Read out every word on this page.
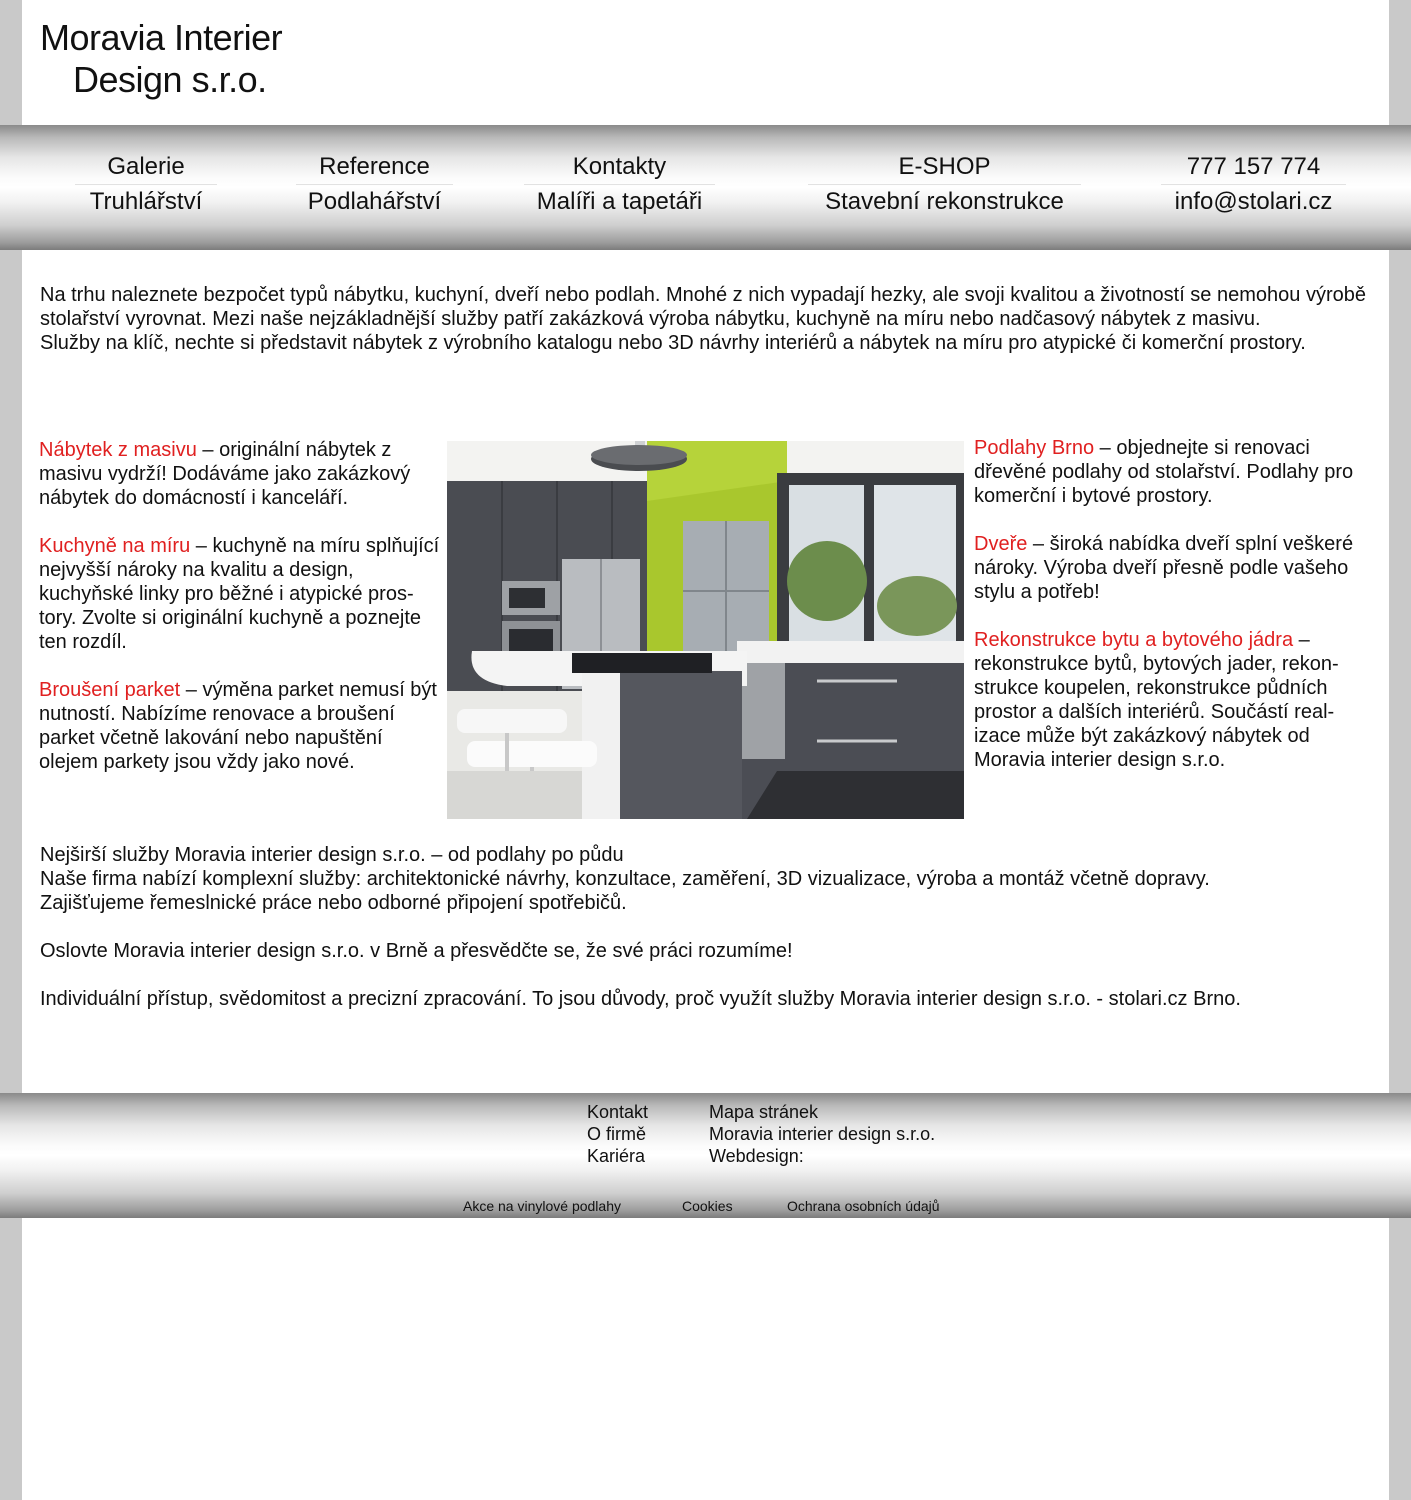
Moravia Interier
Design s.r.o.
Galerie
Truhlářství
Reference
Podlahářství
Kontakty
Malíři a tapetáři
E-SHOP
Stavební rekonstrukce
777 157 774
info@stolari.cz

Na trhu naleznete bezpočet typů nábytku, kuchyní, dveří nebo podlah. Mnohé z nich vypadají hezky, ale svoji kvalitou a životností se nemohou výrobě stolařství vyrovnat. Mezi naše nejzákladnější služby patří zakázková výroba nábytku, kuchyně na míru nebo nadčasový nábytek z masivu.

Služby na klíč, nechte si představit nábytek z výrobního katalogu nebo 3D návrhy interiérů a nábytek na míru pro atypické či komerční prostory.

Nábytek z masivu – originální nábytek z masivu vydrží! Dodáváme jako zakázkový nábytek do domácností i kanceláří.

Kuchyně na míru – kuchyně na míru splňující nejvyšší nároky na kvalitu a design, kuchyňské linky pro běžné i atypické prostory. Zvolte si originální kuchyně a poznejte ten rozdíl.

Broušení parket – výměna parket nemusí být nutností. Nabízíme renovace a broušení parket včetně lakování nebo napuštění olejem parkety jsou vždy jako nové.

Podlahy Brno – objednejte si renovaci dřevěné podlahy od stolařství. Podlahy pro komerční i bytové prostory.

Dveře – široká nabídka dveří splní veškeré nároky. Výroba dveří přesně podle vašeho stylu a potřeb!

Rekonstrukce bytu a bytového jádra – rekonstrukce bytů, bytových jader, rekonstrukce koupelen, rekonstrukce půdních prostor a dalších interiérů. Součástí realizace může být zakázkový nábytek od Moravia interier design s.r.o.

Nejširší služby Moravia interier design s.r.o. – od podlahy po půdu

Naše firma nabízí komplexní služby: architektonické návrhy, konzultace, zaměření, 3D vizualizace, výroba a montáž včetně dopravy.

Zajišťujeme řemeslnické práce nebo odborné připojení spotřebičů.

Oslovte Moravia interier design s.r.o. v Brně a přesvědčte se, že své práci rozumíme!

Individuální přístup, svědomitost a precizní zpracování. To jsou důvody, proč využít služby Moravia interier design s.r.o. - stolari.cz Brno.

Kontakt
O firmě
Kariéra
Mapa stránek
Moravia interier design s.r.o.
Webdesign:
Akce na vinylové podlahy	Cookies	Ochrana osobních údajů
